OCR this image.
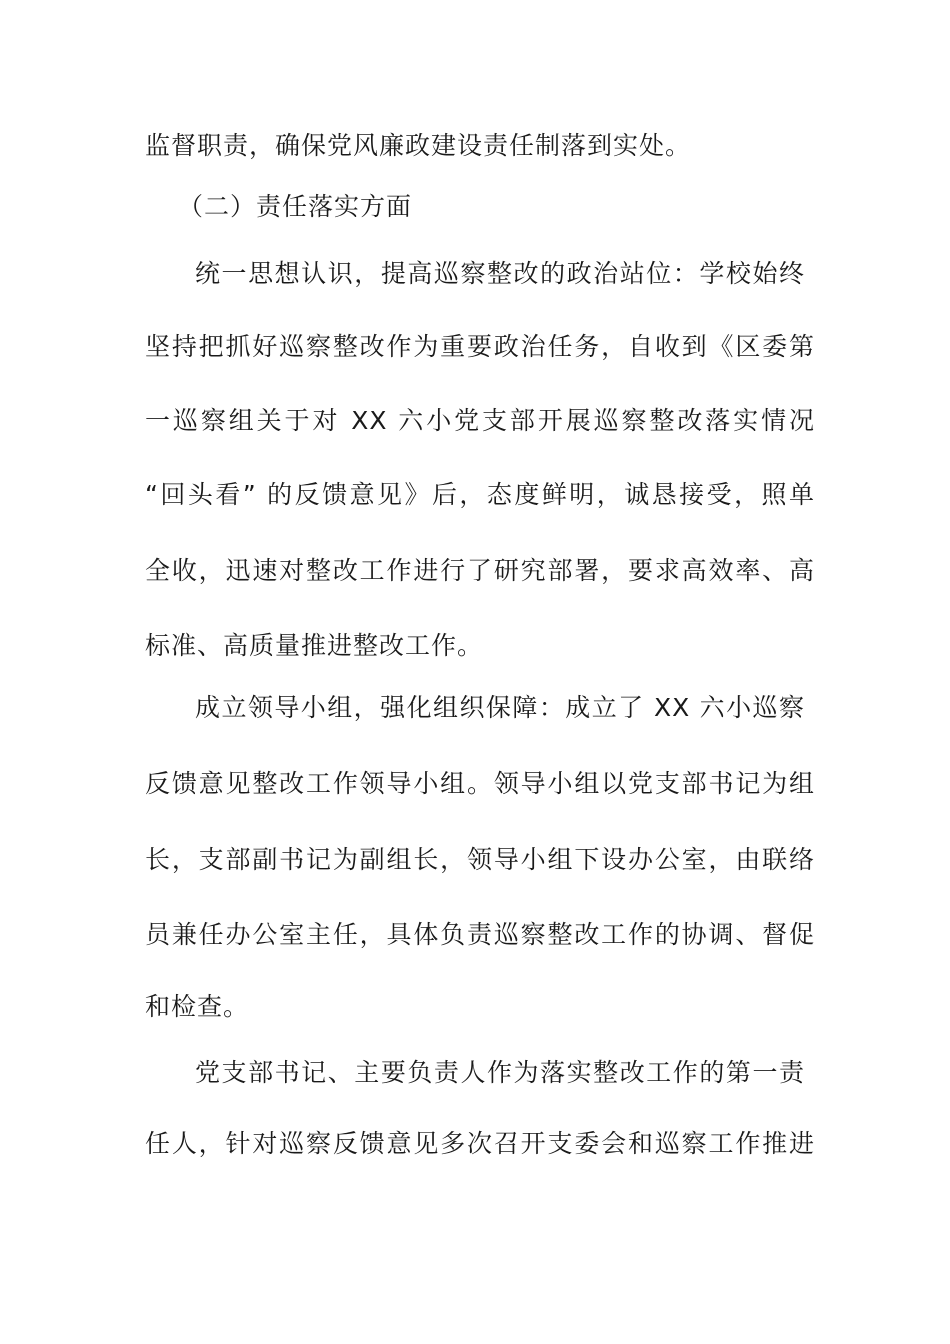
监督职责，确保党风廉政建设责任制落到实处。
（二）责任落实方面
统一思想认识，提高巡察整改的政治站位：学校始终
坚持把抓好巡察整改作为重要政治任务，自收到《区委第
一巡察组关于对 XX 六小党支部开展巡察整改落实情况
“回头看” 的反馈意见》后，态度鲜明，诚恳接受，照单
全收，迅速对整改工作进行了研究部署，要求高效率、高
标准、高质量推进整改工作。
成立领导小组，强化组织保障：成立了 XX 六小巡察
反馈意见整改工作领导小组。领导小组以党支部书记为组
长，支部副书记为副组长，领导小组下设办公室，由联络
员兼任办公室主任，具体负责巡察整改工作的协调、督促
和检查。
党支部书记、主要负责人作为落实整改工作的第一责
任人，针对巡察反馈意见多次召开支委会和巡察工作推进
